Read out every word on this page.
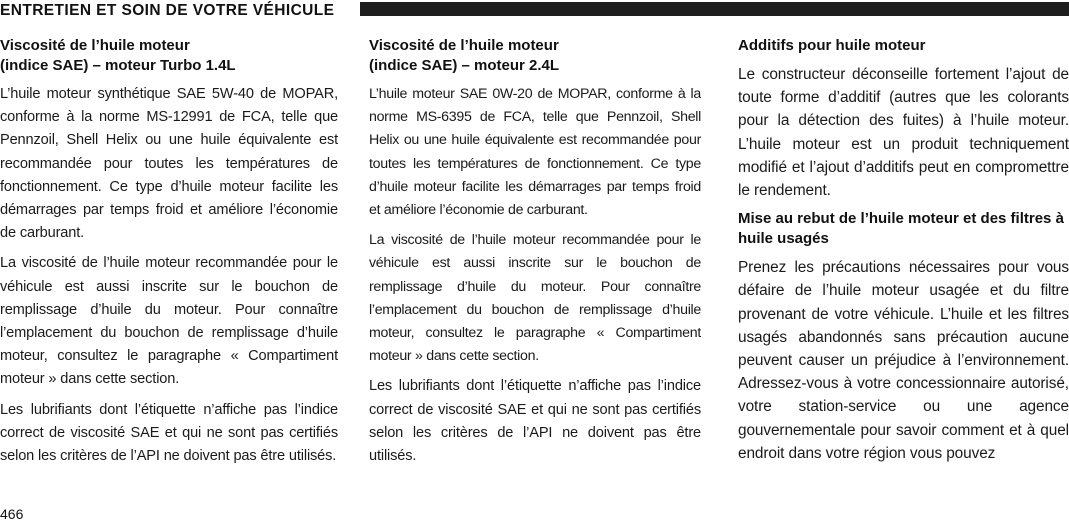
ENTRETIEN ET SOIN DE VOTRE VÉHICULE
Viscosité de l’huile moteur
(indice SAE) – moteur Turbo 1.4L

L’huile moteur synthétique SAE 5W-40 de MOPAR, conforme à la norme MS-12991 de FCA, telle que Pennzoil, Shell Helix ou une huile équivalente est recommandée pour toutes les températures de fonctionnement. Ce type d’huile moteur facilite les démarrages par temps froid et améliore l’économie de carburant.

La viscosité de l’huile moteur recommandée pour le véhicule est aussi inscrite sur le bouchon de remplissage d’huile du moteur. Pour connaître l’emplacement du bouchon de remplissage d’huile moteur, consultez le paragraphe « Compartiment moteur » dans cette section.

Les lubrifiants dont l’étiquette n’affiche pas l’indice correct de viscosité SAE et qui ne sont pas certifiés selon les critères de l’API ne doivent pas être utilisés.

Viscosité de l’huile moteur
(indice SAE) – moteur 2.4L

L’huile moteur SAE 0W-20 de MOPAR, conforme à la norme MS-6395 de FCA, telle que Pennzoil, Shell Helix ou une huile équivalente est recommandée pour toutes les températures de fonctionnement. Ce type d’huile moteur facilite les démarrages par temps froid et améliore l’économie de carburant.

La viscosité de l’huile moteur recommandée pour le véhicule est aussi inscrite sur le bouchon de remplissage d’huile du moteur. Pour connaître l’emplacement du bouchon de remplissage d’huile moteur, consultez le paragraphe « Compartiment moteur » dans cette section.

Les lubrifiants dont l’étiquette n’affiche pas l’indice correct de viscosité SAE et qui ne sont pas certifiés selon les critères de l’API ne doivent pas être utilisés.

Additifs pour huile moteur

Le constructeur déconseille fortement l’ajout de toute forme d’additif (autres que les colorants pour la détection des fuites) à l’huile moteur. L’huile moteur est un produit techniquement modifié et l’ajout d’additifs peut en compromettre le rendement.

Mise au rebut de l’huile moteur et des filtres à huile usagés

Prenez les précautions nécessaires pour vous défaire de l’huile moteur usagée et du filtre provenant de votre véhicule. L’huile et les filtres usagés abandonnés sans précaution aucune peuvent causer un préjudice à l’environnement. Adressez-vous à votre concessionnaire autorisé, votre station-service ou une agence gouvernementale pour savoir comment et à quel endroit dans votre région vous pouvez

466
